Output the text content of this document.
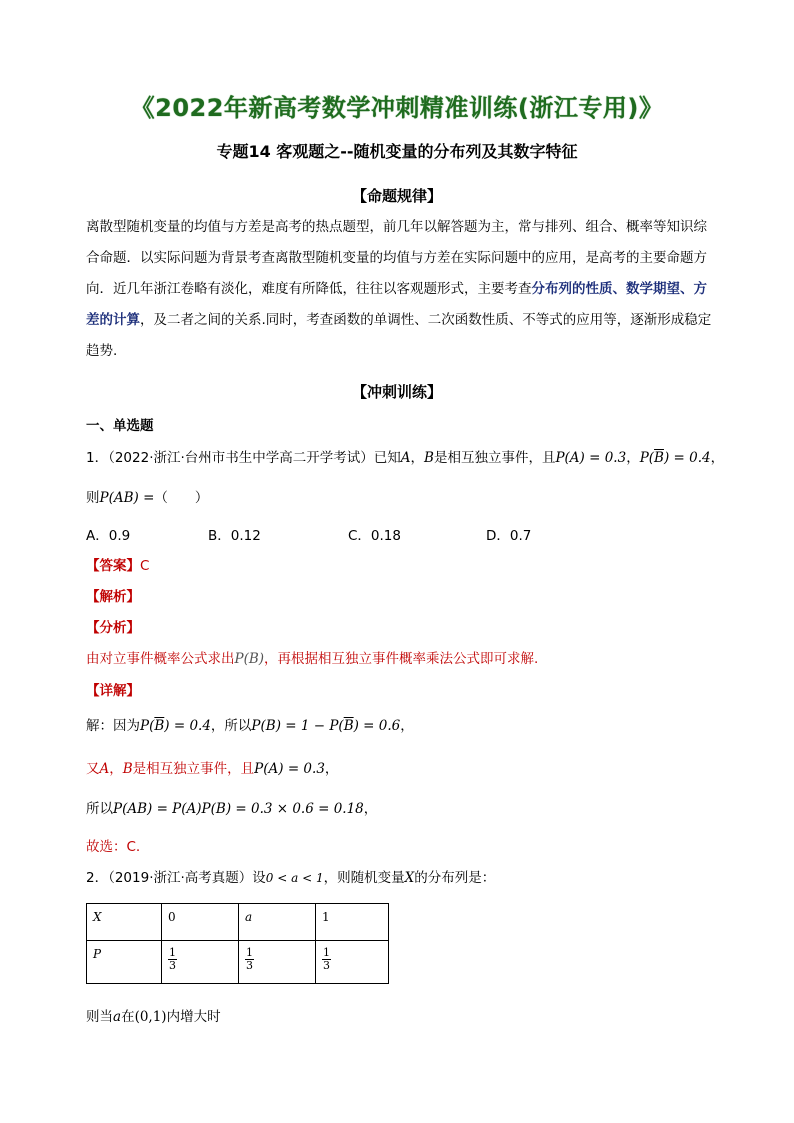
《2022年新高考数学冲刺精准训练(浙江专用)》
专题14 客观题之--随机变量的分布列及其数字特征
【命题规律】
离散型随机变量的均值与方差是高考的热点题型，前几年以解答题为主，常与排列、组合、概率等知识综
合命题．以实际问题为背景考查离散型随机变量的均值与方差在实际问题中的应用，是高考的主要命题方
向．近几年浙江卷略有淡化，难度有所降低，往往以客观题形式，主要考查分布列的性质、数学期望、方
差的计算，及二者之间的关系.同时，考查函数的单调性、二次函数性质、不等式的应用等，逐渐形成稳定
趋势.
【冲刺训练】
一、单选题
1．（2022·浙江·台州市书生中学高二开学考试）已知A，B是相互独立事件，且P(A) = 0.3，$P(\overline{B}) = 0.4$，
则P(AB) =（　　）
A．0.9	B．0.12	C．0.18	D．0.7
【答案】C
【解析】
【分析】
由对立事件概率公式求出P(B)，再根据相互独立事件概率乘法公式即可求解.
【详解】
解：因为$P(\overline{B}) = 0.4$，所以$P(B) = 1 - P(\overline{B}) = 0.6$，
又A，B是相互独立事件，且P(A) = 0.3，
所以P(AB) = P(A)P(B) = 0.3 × 0.6 = 0.18，
故选：C.
2．（2019·浙江·高考真题）设0 < a < 1，则随机变量X的分布列是：
X	0	a	1
P	$\frac{1}{3}$	$\frac{1}{3}$	$\frac{1}{3}$
则当a在(0,1)内增大时
